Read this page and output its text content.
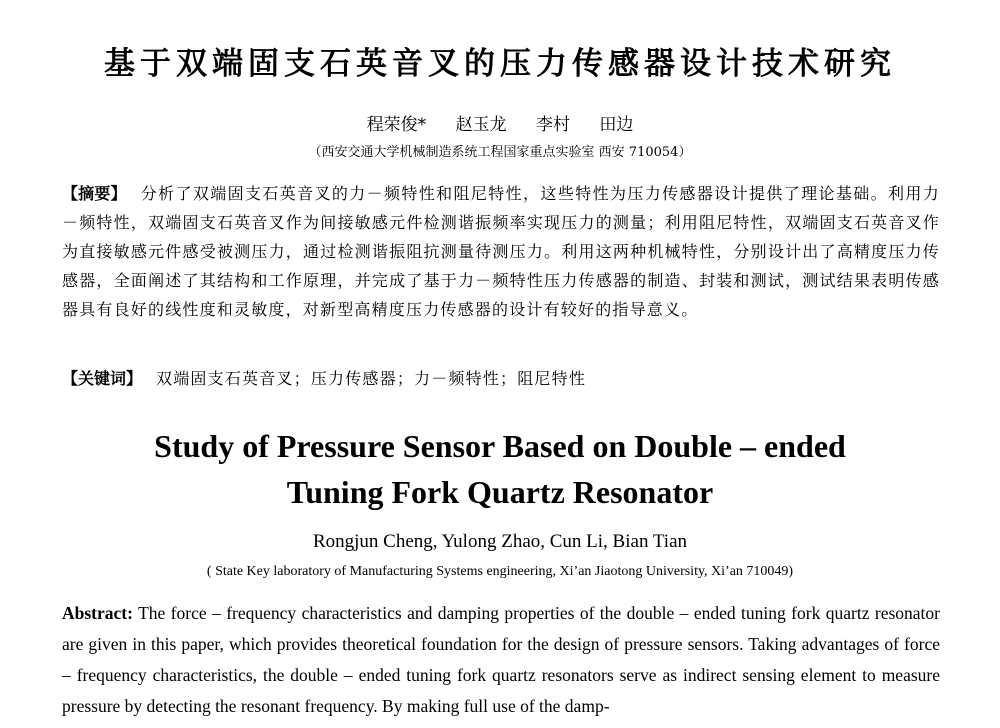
基于双端固支石英音叉的压力传感器设计技术研究
程荣俊* 赵玉龙 李村 田边
（西安交通大学机械制造系统工程国家重点实验室 西安 710054）
【摘要】 分析了双端固支石英音叉的力－频特性和阻尼特性，这些特性为压力传感器设计提供了理论基础。利用力－频特性，双端固支石英音叉作为间接敏感元件检测谐振频率实现压力的测量；利用阻尼特性，双端固支石英音叉作为直接敏感元件感受被测压力，通过检测谐振阻抗测量待测压力。利用这两种机械特性，分别设计出了高精度压力传感器，全面阐述了其结构和工作原理，并完成了基于力－频特性压力传感器的制造、封装和测试，测试结果表明传感器具有良好的线性度和灵敏度，对新型高精度压力传感器的设计有较好的指导意义。
【关键词】 双端固支石英音叉；压力传感器；力－频特性；阻尼特性
Study of Pressure Sensor Based on Double – ended
Tuning Fork Quartz Resonator
Rongjun Cheng, Yulong Zhao, Cun Li, Bian Tian
( State Key laboratory of Manufacturing Systems engineering, Xi’an Jiaotong University, Xi’an 710049)
Abstract: The force – frequency characteristics and damping properties of the double – ended tuning fork quartz resonator are given in this paper, which provides theoretical foundation for the design of pressure sensors. Taking advantages of force – frequency characteristics, the double – ended tuning fork quartz resonators serve as indirect sensing element to measure pressure by detecting the resonant frequency. By making full use of the damp-
